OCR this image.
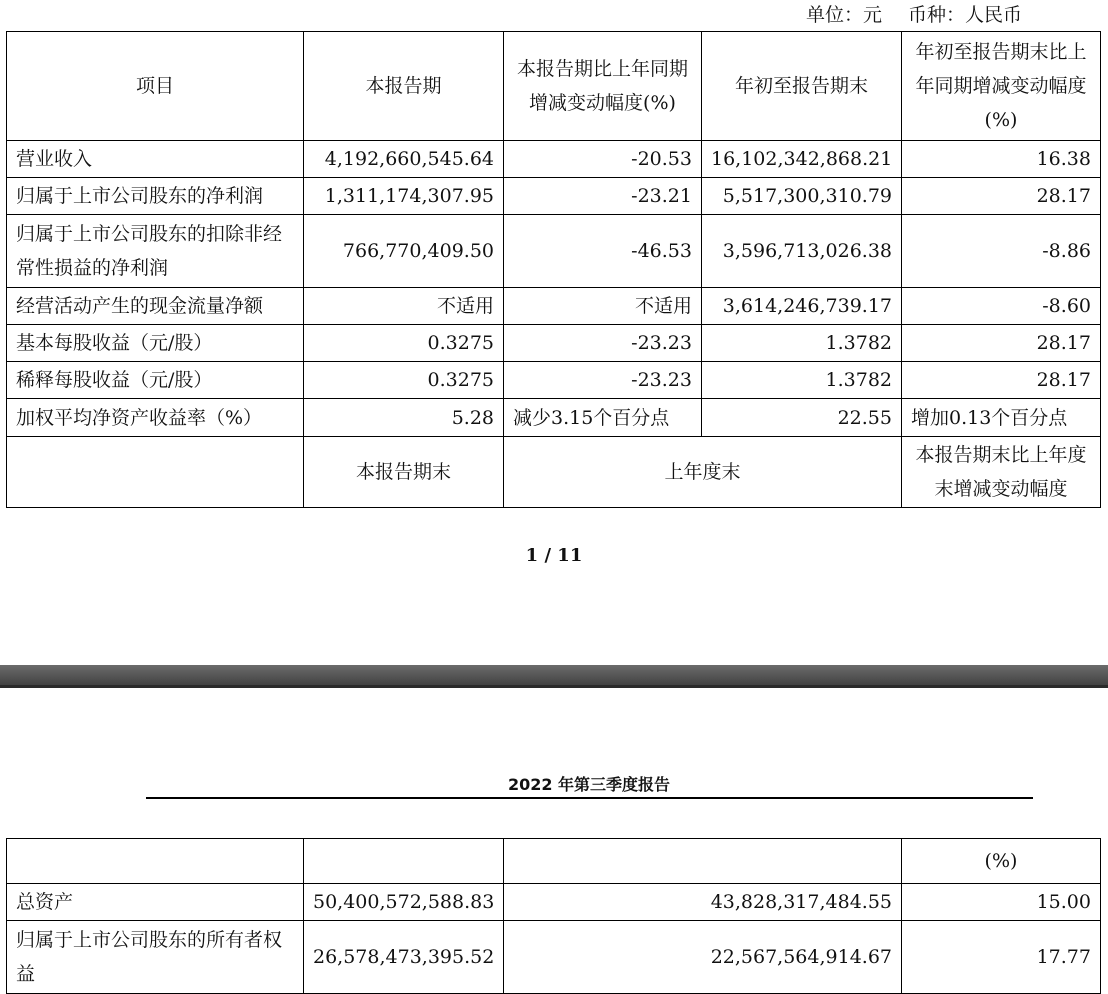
单位：元 币种：人民币
项目	本报告期	本报告期比上年同期增减变动幅度(%)	年初至报告期末	年初至报告期末比上年同期增减变动幅度(%)
营业收入	4,192,660,545.64	-20.53	16,102,342,868.21	16.38
归属于上市公司股东的净利润	1,311,174,307.95	-23.21	5,517,300,310.79	28.17
归属于上市公司股东的扣除非经常性损益的净利润	766,770,409.50	-46.53	3,596,713,026.38	-8.86
经营活动产生的现金流量净额	不适用	不适用	3,614,246,739.17	-8.60
基本每股收益（元/股）	0.3275	-23.23	1.3782	28.17
稀释每股收益（元/股）	0.3275	-23.23	1.3782	28.17
加权平均净资产收益率（%）	5.28	减少3.15个百分点	22.55	增加0.13个百分点
	本报告期末	上年度末		本报告期末比上年度末增减变动幅度
1 / 11
2022 年第三季度报告
			(%)
总资产	50,400,572,588.83	43,828,317,484.55	15.00
归属于上市公司股东的所有者权益	26,578,473,395.52	22,567,564,914.67	17.77
